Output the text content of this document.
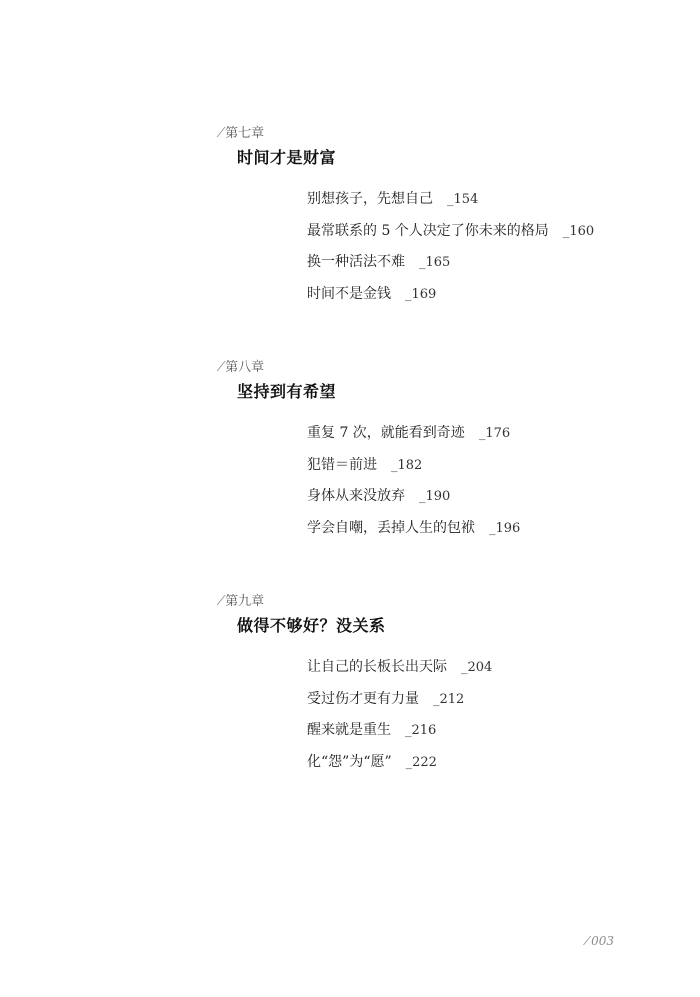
⁄ 第七章
时间才是财富
别想孩子，先想自己 _154
最常联系的 5 个人决定了你未来的格局 _160
换一种活法不难 _165
时间不是金钱 _169
⁄ 第八章
坚持到有希望
重复 7 次，就能看到奇迹 _176
犯错＝前进 _182
身体从来没放弃 _190
学会自嘲，丢掉人生的包袱 _196
⁄ 第九章
做得不够好？没关系
让自己的长板长出天际 _204
受过伤才更有力量 _212
醒来就是重生 _216
化“怨”为“愿” _222
⁄ 003
